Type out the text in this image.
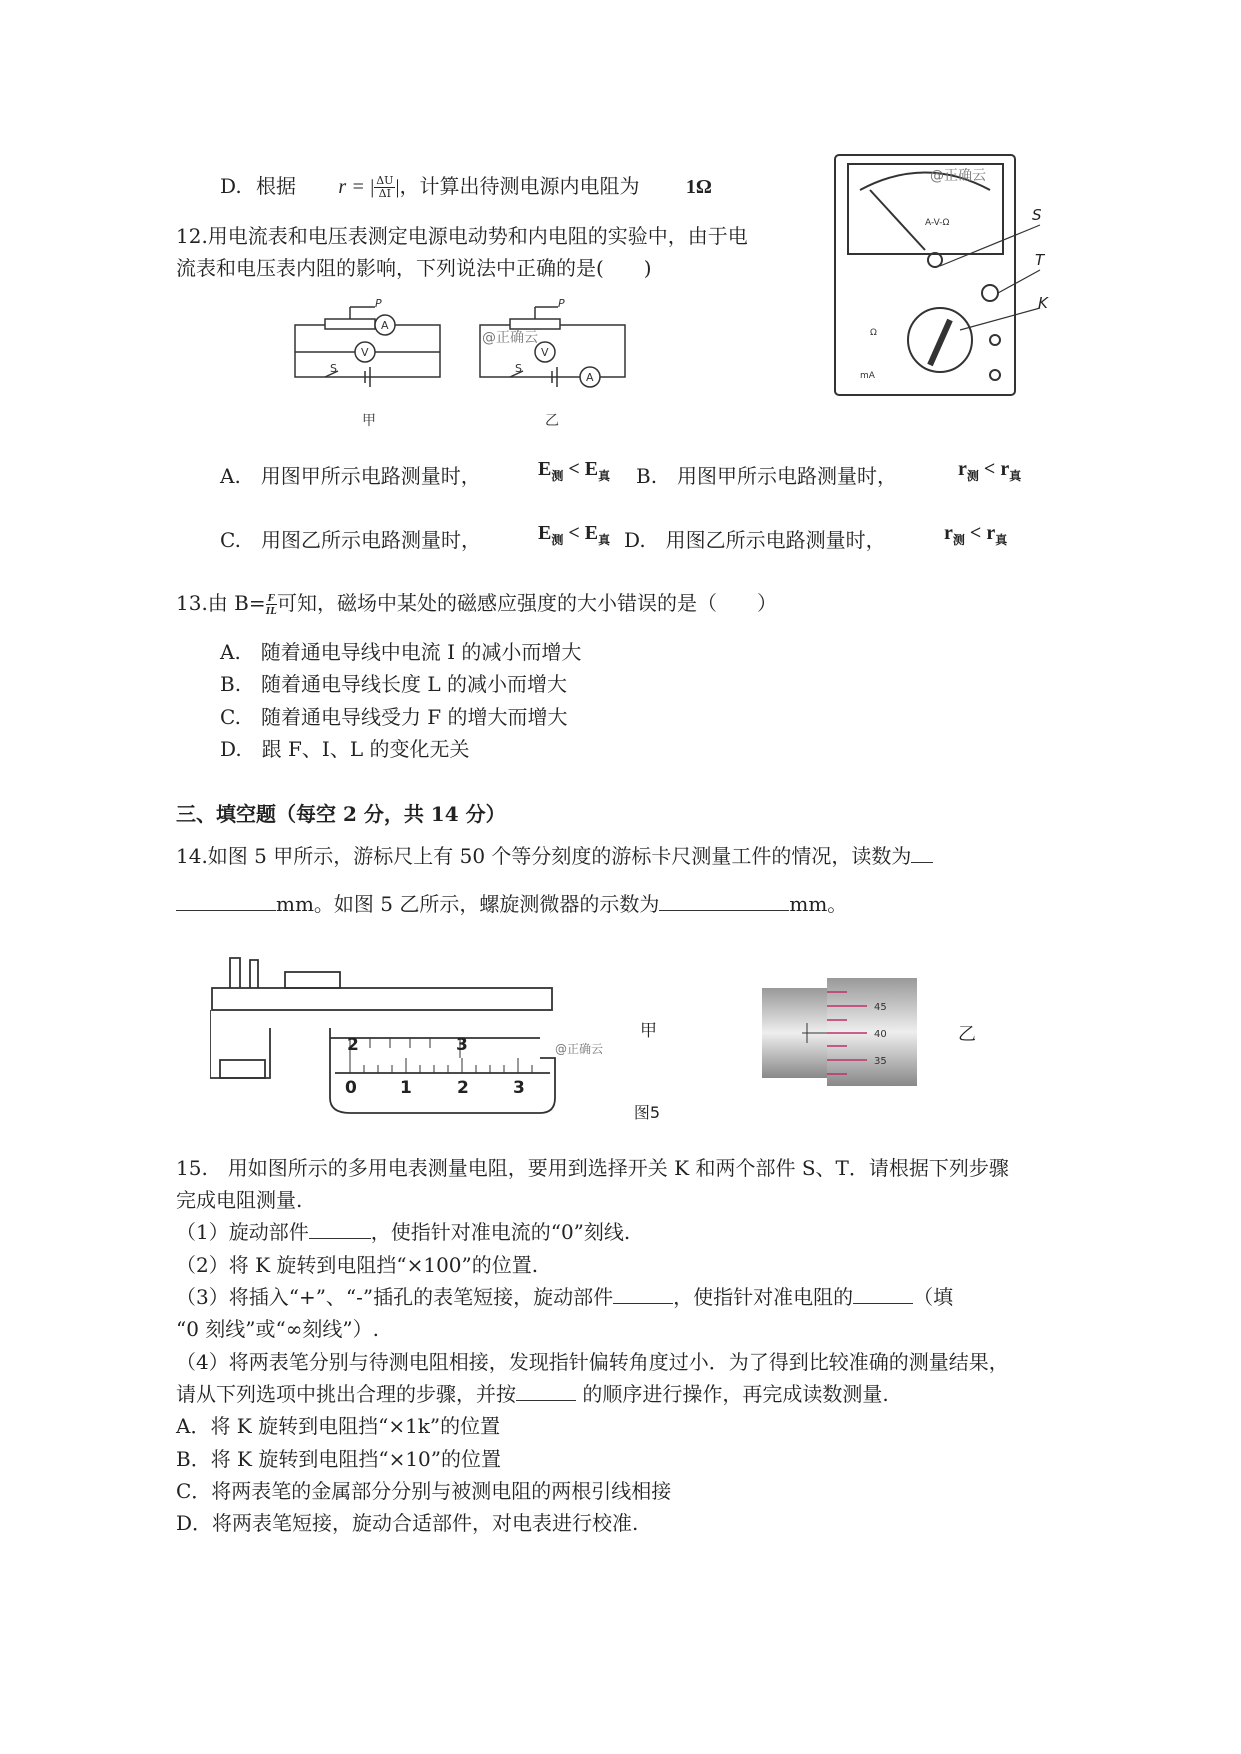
D. 根据 r = | $\frac{\Delta U}{\Delta I}|$，计算出待测电源内电阻为 1Ω
12.用电流表和电压表测定电源电动势和内电阻的实验中，由于电
流表和电压表内阻的影响，下列说法中正确的是(　　)
A
V	V
A
P	P
S	S
@正确云
甲	乙
A-V-Ω
@正确云
Ω
mA
S
T
K
A.　用图甲所示电路测量时，	$E_测 < E_真$ B.　用图甲所示电路测量时，	$r_测 < r_真$
C.　用图乙所示电路测量时，	$E_测 < E_真$ D.　用图乙所示电路测量时，	$r_测 < r_真$
13.由 $B= \frac{F}{IL}$可知，磁场中某处的磁感应强度的大小错误的是（　　）
A.　随着通电导线中电流 I 的减小而增大
B.　随着通电导线长度 L 的减小而增大
C.　随着通电导线受力 F 的增大而增大
D.　跟 F、I、L 的变化无关
三、填空题（每空 2 分，共 14 分）
14.如图 5 甲所示，游标尺上有 50 个等分刻度的游标卡尺测量工件的情况，读数为
mm。如图 5 乙所示，螺旋测微器的示数为	mm。
2	3
0	1	2	3
@正确云
甲
图5
45
40
35
乙
15.　用如图所示的多用电表测量电阻，要用到选择开关 K 和两个部件 S、T．请根据下列步骤
完成电阻测量.
（1）旋动部件	，使指针对准电流的“0”刻线.
（2）将 K 旋转到电阻挡“×100”的位置.
（3）将插入“+”、“-”插孔的表笔短接，旋动部件	，使指针对准电阻的	（填
“0 刻线”或“∞刻线”）.
（4）将两表笔分别与待测电阻相接，发现指针偏转角度过小．为了得到比较准确的测量结果，
请从下列选项中挑出合理的步骤，并按	的顺序进行操作，再完成读数测量.
A．将 K 旋转到电阻挡“×1k”的位置
B．将 K 旋转到电阻挡“×10”的位置
C．将两表笔的金属部分分别与被测电阻的两根引线相接
D．将两表笔短接，旋动合适部件，对电表进行校准.
